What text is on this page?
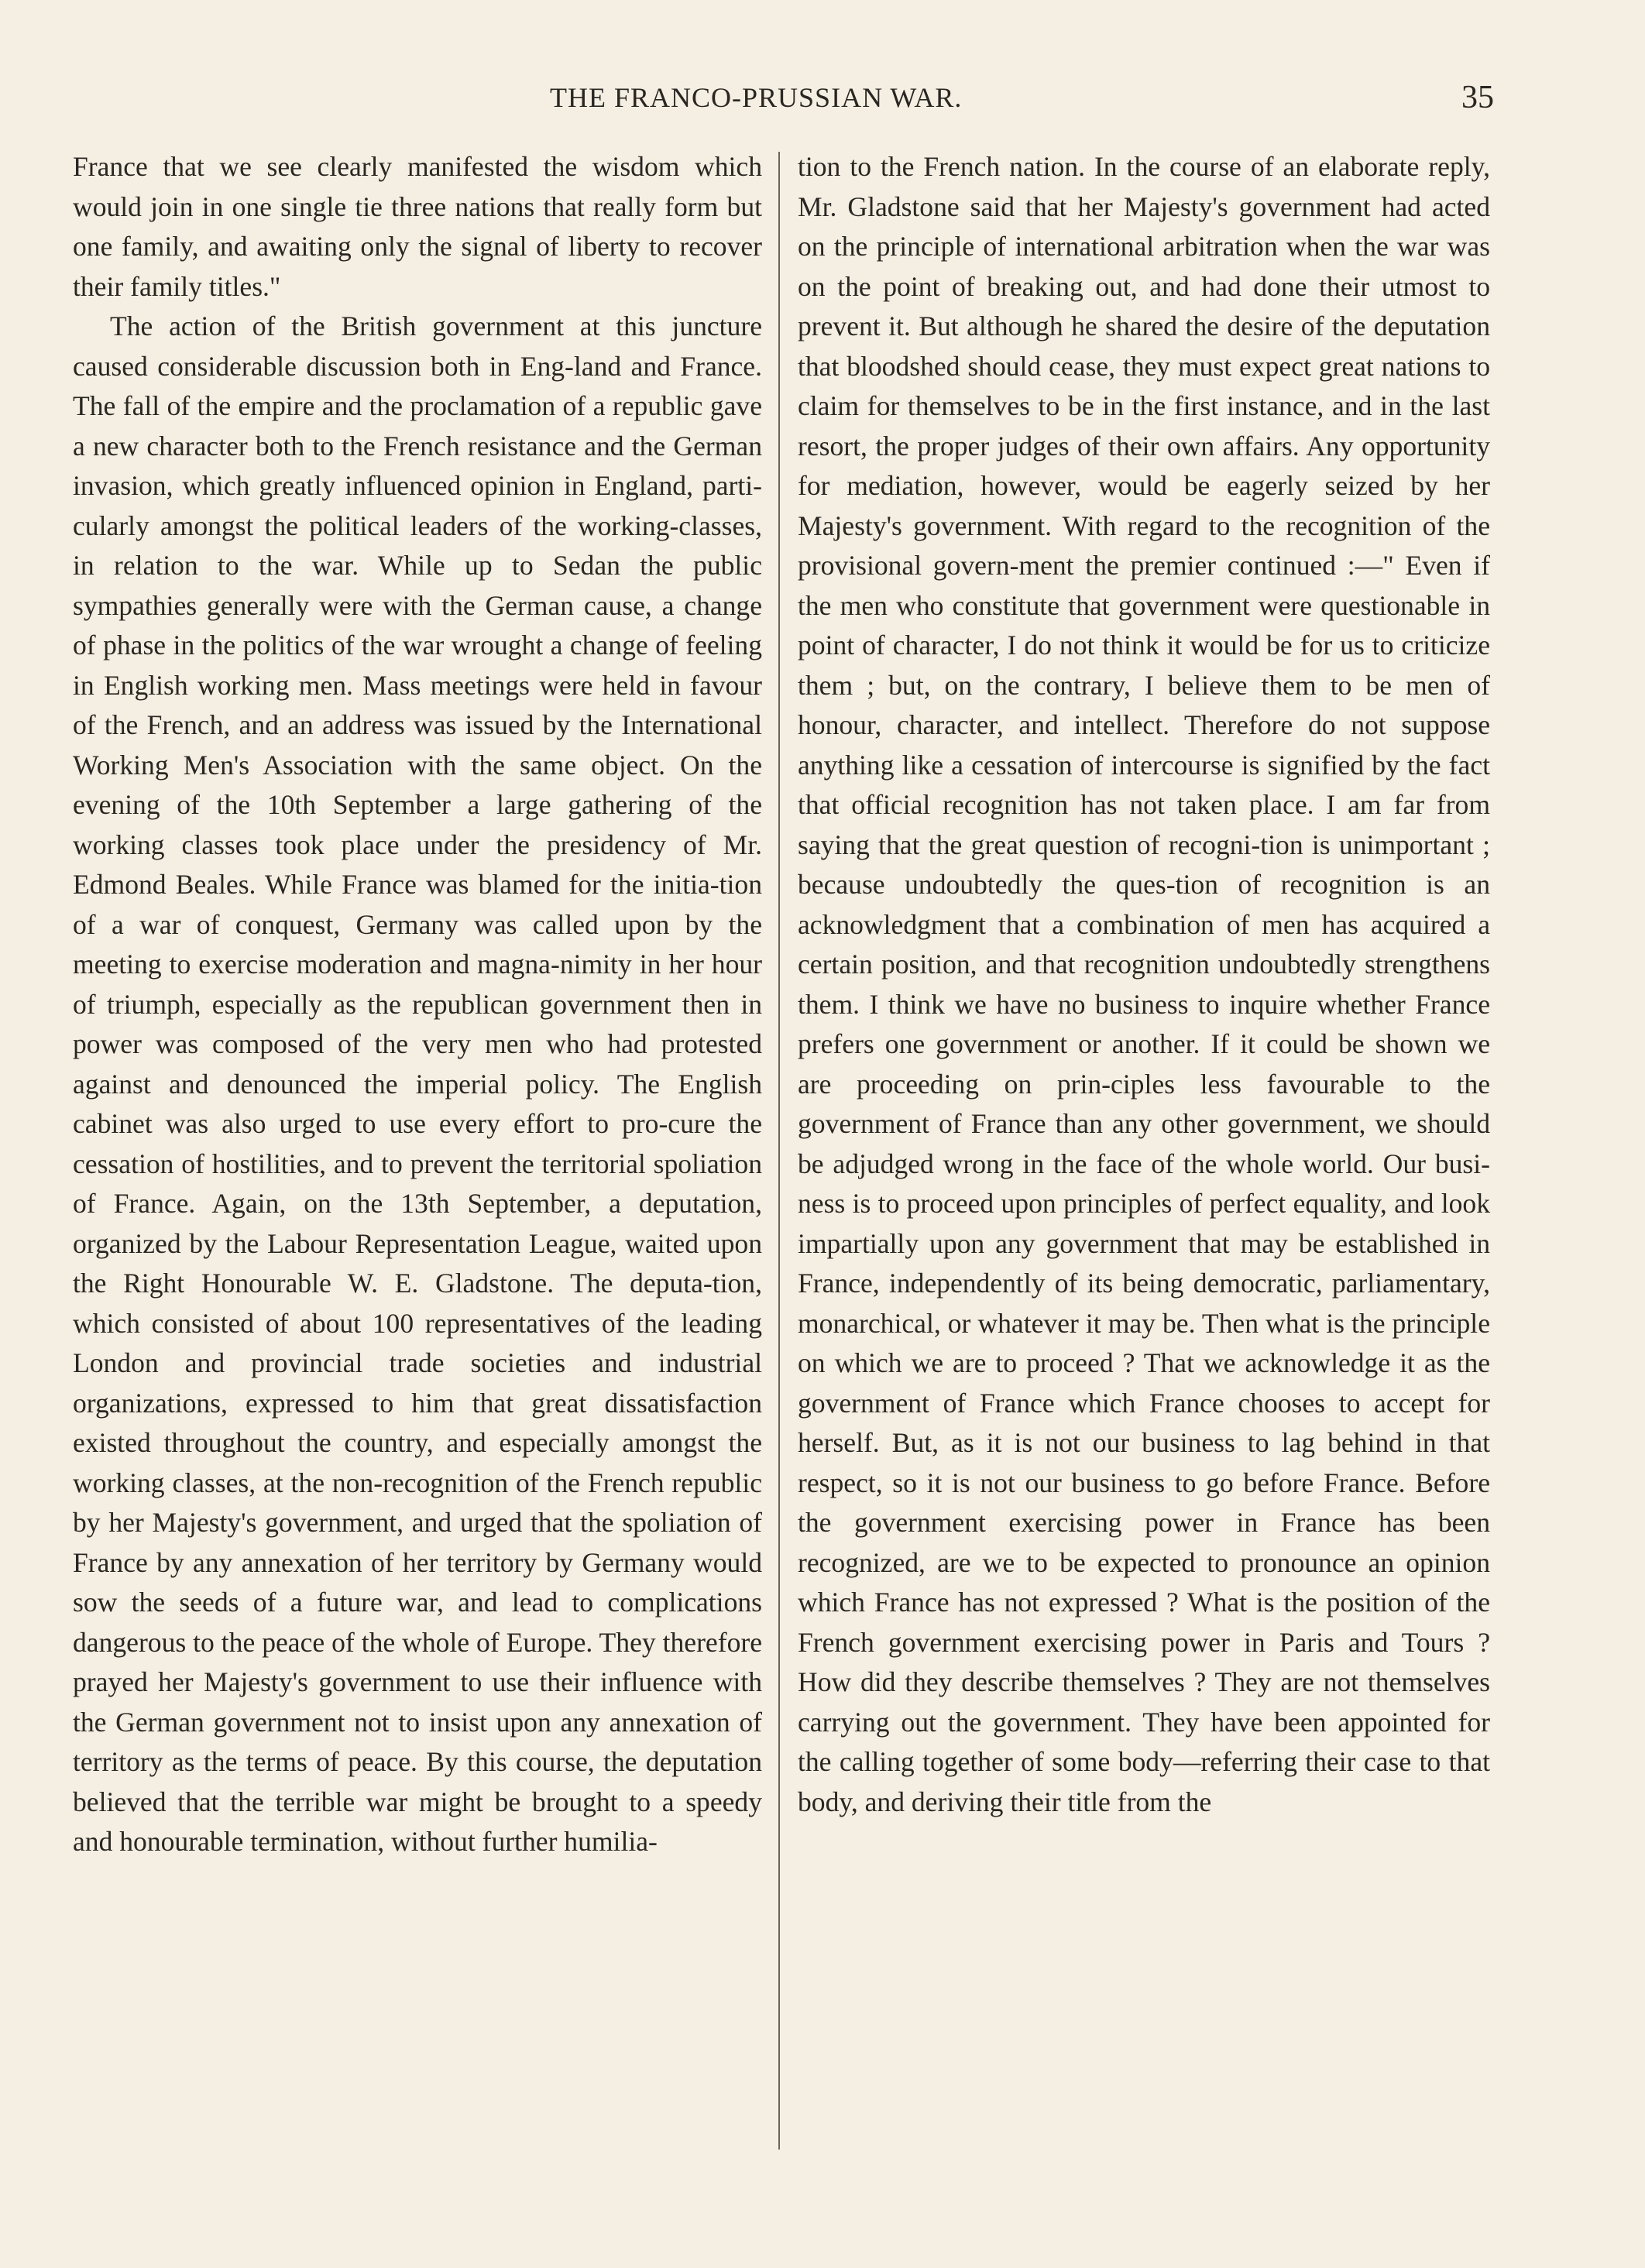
THE FRANCO-PRUSSIAN WAR.	35

France that we see clearly manifested the wisdom which would join in one single tie three nations that really form but one family, and awaiting only the signal of liberty to recover their family titles."

The action of the British government at this juncture caused considerable discussion both in Eng-land and France. The fall of the empire and the proclamation of a republic gave a new character both to the French resistance and the German invasion, which greatly influenced opinion in England, parti-cularly amongst the political leaders of the working-classes, in relation to the war. While up to Sedan the public sympathies generally were with the German cause, a change of phase in the politics of the war wrought a change of feeling in English working men. Mass meetings were held in favour of the French, and an address was issued by the International Working Men's Association with the same object. On the evening of the 10th September a large gathering of the working classes took place under the presidency of Mr. Edmond Beales. While France was blamed for the initia-tion of a war of conquest, Germany was called upon by the meeting to exercise moderation and magna-nimity in her hour of triumph, especially as the republican government then in power was composed of the very men who had protested against and denounced the imperial policy. The English cabinet was also urged to use every effort to pro-cure the cessation of hostilities, and to prevent the territorial spoliation of France. Again, on the 13th September, a deputation, organized by the Labour Representation League, waited upon the Right Honourable W. E. Gladstone. The deputa-tion, which consisted of about 100 representatives of the leading London and provincial trade societies and industrial organizations, expressed to him that great dissatisfaction existed throughout the country, and especially amongst the working classes, at the non-recognition of the French republic by her Majesty's government, and urged that the spoliation of France by any annexation of her territory by Germany would sow the seeds of a future war, and lead to complications dangerous to the peace of the whole of Europe. They therefore prayed her Majesty's government to use their influence with the German government not to insist upon any annexation of territory as the terms of peace. By this course, the deputation believed that the terrible war might be brought to a speedy and honourable termination, without further humilia-

tion to the French nation. In the course of an elaborate reply, Mr. Gladstone said that her Majesty's government had acted on the principle of international arbitration when the war was on the point of breaking out, and had done their utmost to prevent it. But although he shared the desire of the deputation that bloodshed should cease, they must expect great nations to claim for themselves to be in the first instance, and in the last resort, the proper judges of their own affairs. Any opportunity for mediation, however, would be eagerly seized by her Majesty's government. With regard to the recognition of the provisional govern-ment the premier continued :—" Even if the men who constitute that government were questionable in point of character, I do not think it would be for us to criticize them ; but, on the contrary, I believe them to be men of honour, character, and intellect. Therefore do not suppose anything like a cessation of intercourse is signified by the fact that official recognition has not taken place. I am far from saying that the great question of recogni-tion is unimportant ; because undoubtedly the ques-tion of recognition is an acknowledgment that a combination of men has acquired a certain position, and that recognition undoubtedly strengthens them. I think we have no business to inquire whether France prefers one government or another. If it could be shown we are proceeding on prin-ciples less favourable to the government of France than any other government, we should be adjudged wrong in the face of the whole world. Our busi-ness is to proceed upon principles of perfect equality, and look impartially upon any government that may be established in France, independently of its being democratic, parliamentary, monarchical, or whatever it may be. Then what is the principle on which we are to proceed ? That we acknowledge it as the government of France which France chooses to accept for herself. But, as it is not our business to lag behind in that respect, so it is not our business to go before France. Before the government exercising power in France has been recognized, are we to be expected to pronounce an opinion which France has not expressed ? What is the position of the French government exercising power in Paris and Tours ? How did they describe themselves ? They are not themselves carrying out the government. They have been appointed for the calling together of some body—referring their case to that body, and deriving their title from the
